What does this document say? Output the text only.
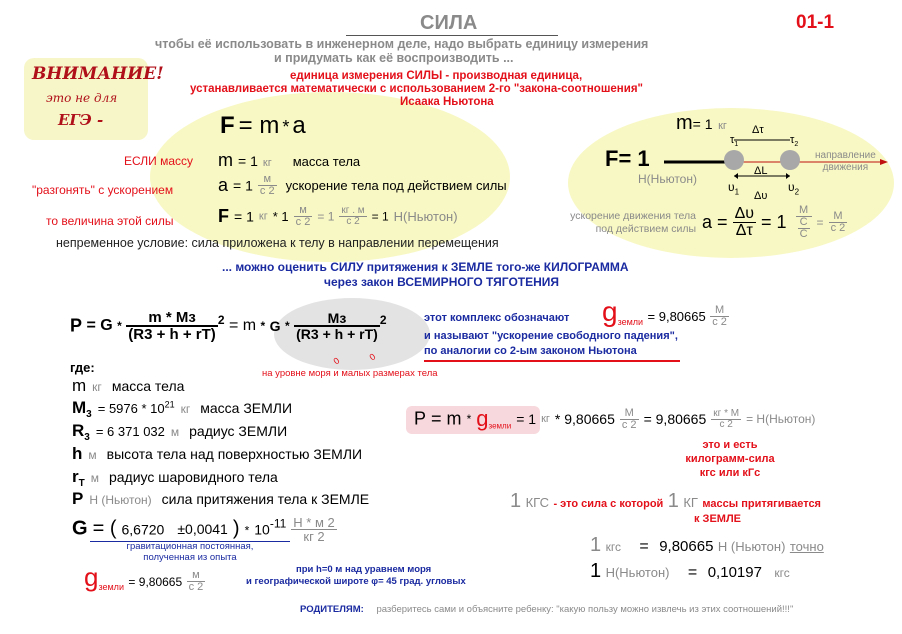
СИЛА	01-1
чтобы её использовать в инженерном деле, надо выбрать единицу измерения
и придумать как её воспроизводить ...
единица измерения СИЛЫ - производная единица,
устанавливается математически с использованием 2-го "закона-соотношения"
Исаака Ньютона
ВНИМАНИЕ!
это не для
ЕГЭ -	F = m * a
ЕСЛИ массу m = 1 кг масса тела
"разгонять" с ускорением $a = 1 \frac{м}{с 2}$ ускорение тела под действием силы
то величина этой силы F = 1 кг * $1 \frac{м}{с 2} = 1 \frac{кг . м}{с 2} = 1$ Н(Ньютон)
непременное условие: сила приложена к телу в направлении перемещения
m= 1 кг
F= 1
Н(Ньютон)
Δτ
$\tau_1$	$\tau_2$
ΔL
$\upsilon_1$ Δυ
$\upsilon_2$
направление
движения
ускорение движения тела
под действием силы $a = \frac{\Delta\upsilon}{\Delta\tau} = 1 \frac{М}{\frac{С}{С}} = \frac{М}{с 2}$
... можно оценить СИЛУ притяжения к ЗЕМЛЕ того-же КИЛОГРАММА
через закон ВСЕМИРНОГО ТЯГОТЕНИЯ
$P = G * \frac{m * Mз}{(R3 + h + rT)} ^2 = m * G * \frac{Mз}{(R3 + h + rT)} ^2$
0	0
на уровне моря и малых размерах тела
этот комплекс обозначают
и называют "ускорение свободного падения",
по аналогии со 2-ым законом Ньютона
$g_{земли} = 9,80665 \frac{М}{с 2}$
где:
m кг масса тела
$M_3 = 5976 * 10^{21}$ кг масса ЗЕМЛИ
$R_3 = 6$ 371 032 м радиус ЗЕМЛИ
h м высота тела над поверхностью ЗЕМЛИ
$r_T$ м радиус шаровидного тела
P Н (Ньютон) сила притяжения тела к ЗЕМЛЕ
G = ( 6,6720 ±0,0041 ) * $10^{-11} \frac{Н * м 2}{кг 2}$
гравитационная постоянная,
полученная из опыта
$g_{земли} = 9,80665 \frac{м}{с 2}$
при h=0 м над уравнем моря
и географической широте φ= 45 град. угловых
$P = m * g_{земли} = 1$ кг * $9,80665 \frac{М}{с 2} = 9,80665 \frac{кг * М}{с 2}$ = Н(Ньютон)
это и есть
килограмм-сила
кгс или кГс
1 КГС - это сила с которой 1 КГ массы притягивается
к ЗЕМЛЕ
1 кгс = 9,80665 Н (Ньютон) точно
1 Н(Ньютон) = 0,10197 кгс
РОДИТЕЛЯМ: разберитесь сами и объясните ребенку: "какую пользу можно извлечь из этих соотношений!!!"
